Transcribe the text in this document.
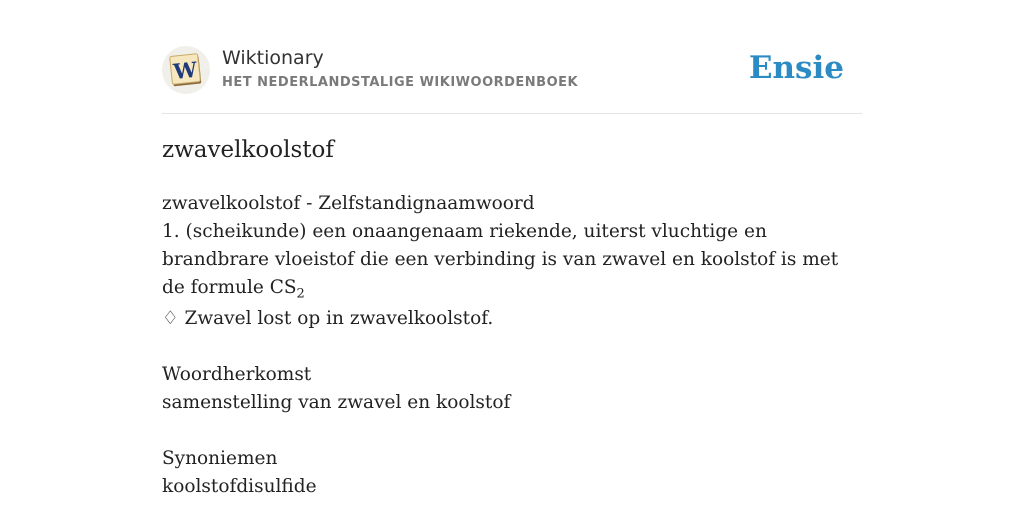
W Wiktionary
HET NEDERLANDSTALIGE WIKIWOORDENBOEK	Ensie
zwavelkoolstof
zwavelkoolstof - Zelfstandignaamwoord
1. (scheikunde) een onaangenaam riekende, uiterst vluchtige en brandbrare vloeistof die een verbinding is van zwavel en koolstof is met de formule $CS_2$
♢ Zwavel lost op in zwavelkoolstof.
Woordherkomst
samenstelling van zwavel en koolstof
Synoniemen
koolstofdisulfide
